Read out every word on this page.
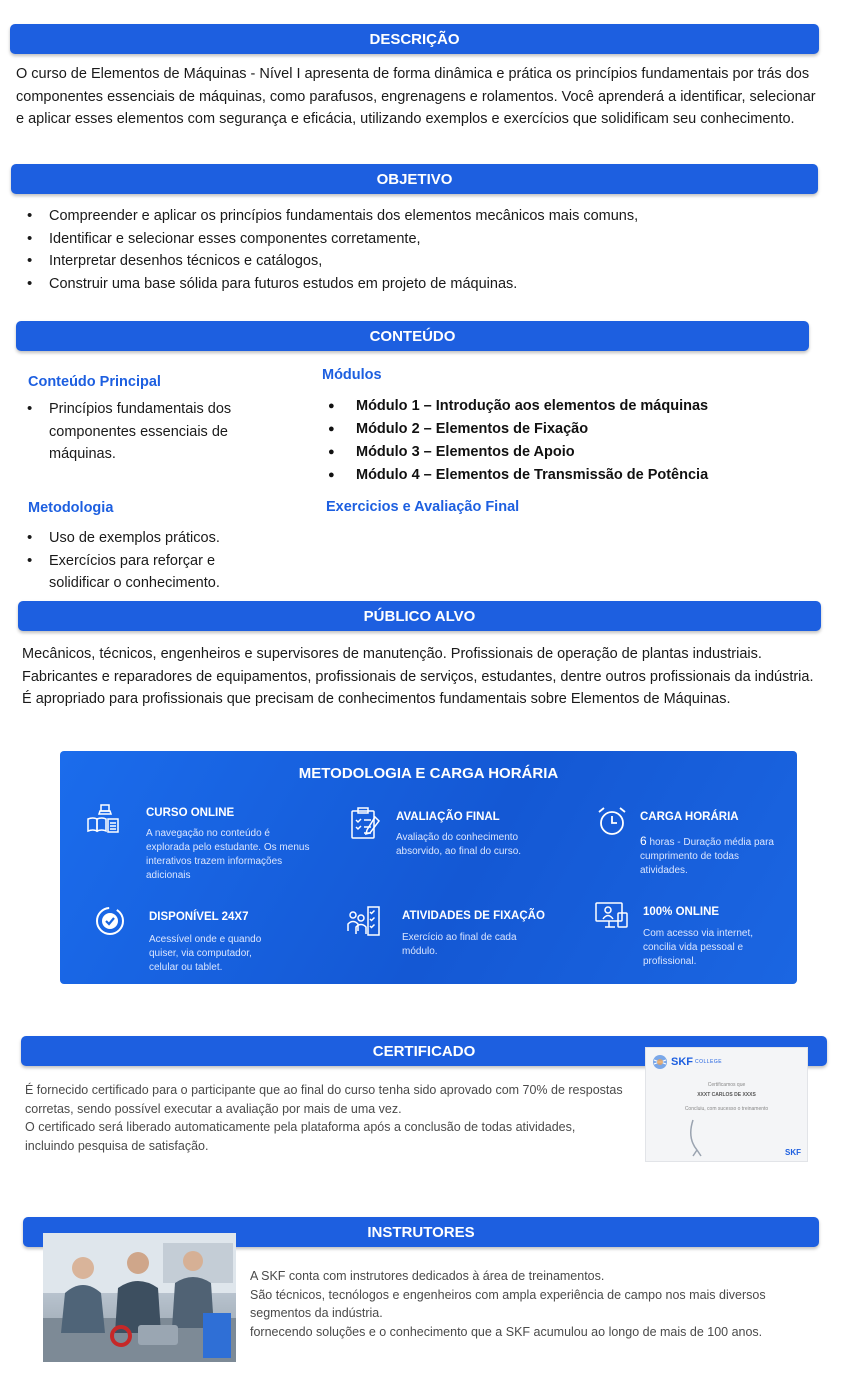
DESCRIÇÃO
O curso de Elementos de Máquinas - Nível I apresenta de forma dinâmica e prática os princípios fundamentais por trás dos componentes essenciais de máquinas, como parafusos, engrenagens e rolamentos. Você aprenderá a identificar, selecionar e aplicar esses elementos com segurança e eficácia, utilizando exemplos e exercícios que solidificam seu conhecimento.
OBJETIVO
• Compreender e aplicar os princípios fundamentais dos elementos mecânicos mais comuns,
• Identificar e selecionar esses componentes corretamente,
• Interpretar desenhos técnicos e catálogos,
• Construir uma base sólida para futuros estudos em projeto de máquinas.
CONTEÚDO
Conteúdo Principal
• Princípios fundamentais dos componentes essenciais de máquinas.
Metodologia
• Uso de exemplos práticos.
• Exercícios para reforçar e solidificar o conhecimento.
Módulos
● Módulo 1 – Introdução aos elementos de máquinas
● Módulo 2 – Elementos de Fixação
● Módulo 3 – Elementos de Apoio
● Módulo 4 – Elementos de Transmissão de Potência
Exercicios e Avaliação Final
PÚBLICO ALVO
Mecânicos, técnicos, engenheiros e supervisores de manutenção. Profissionais de operação de plantas industriais. Fabricantes e reparadores de equipamentos, profissionais de serviços, estudantes, dentre outros profissionais da indústria. É apropriado para profissionais que precisam de conhecimentos fundamentais sobre Elementos de Máquinas.
METODOLOGIA E CARGA HORÁRIA
CURSO ONLINE
A navegação no conteúdo é explorada pelo estudante. Os menus interativos trazem informações adicionais
AVALIAÇÃO FINAL
Avaliação do conhecimento absorvido, ao final do curso.
CARGA HORÁRIA
6 horas - Duração média para cumprimento de todas atividades.
DISPONÍVEL 24X7
Acessível onde e quando quiser, via computador, celular ou tablet.
ATIVIDADES DE FIXAÇÃO
Exercício ao final de cada módulo.
100% ONLINE
Com acesso via internet, concilia vida pessoal e profissional.
CERTIFICADO
É fornecido certificado para o participante que ao final do curso tenha sido aprovado com 70% de respostas corretas, sendo possível executar a avaliação por mais de uma vez.
O certificado será liberado automaticamente pela plataforma após a conclusão de todas atividades, incluindo pesquisa de satisfação.
SKF COLLEGE
Certificamos que
XXXT CARLOS DE XXXS
Concluiu, com sucesso o treinamento
SKF
INSTRUTORES
A SKF conta com instrutores dedicados à área de treinamentos.
São técnicos, tecnólogos e engenheiros com ampla experiência de campo nos mais diversos segmentos da indústria.
fornecendo soluções e o conhecimento que a SKF acumulou ao longo de mais de 100 anos.
